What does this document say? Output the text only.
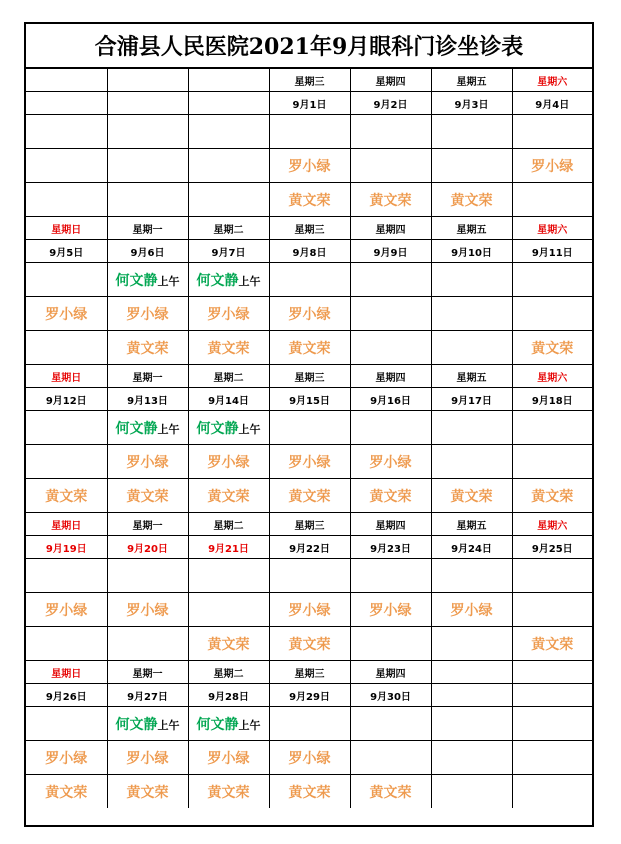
合浦县人民医院2021年9月眼科门诊坐诊表
			星期三	星期四	星期五	星期六
			9月1日	9月2日	9月3日	9月4日

			罗小绿			罗小绿
			黄文荣	黄文荣	黄文荣	
星期日	星期一	星期二	星期三	星期四	星期五	星期六
9月5日	9月6日	9月7日	9月8日	9月9日	9月10日	9月11日
	何文静上午	何文静上午				
罗小绿	罗小绿	罗小绿	罗小绿			
	黄文荣	黄文荣	黄文荣			黄文荣
星期日	星期一	星期二	星期三	星期四	星期五	星期六
9月12日	9月13日	9月14日	9月15日	9月16日	9月17日	9月18日
	何文静上午	何文静上午				
	罗小绿	罗小绿	罗小绿	罗小绿		
黄文荣	黄文荣	黄文荣	黄文荣	黄文荣	黄文荣	黄文荣
星期日	星期一	星期二	星期三	星期四	星期五	星期六
9月19日	9月20日	9月21日	9月22日	9月23日	9月24日	9月25日

罗小绿	罗小绿		罗小绿	罗小绿	罗小绿	
		黄文荣	黄文荣			黄文荣
星期日	星期一	星期二	星期三	星期四		
9月26日	9月27日	9月28日	9月29日	9月30日		
	何文静上午	何文静上午				
罗小绿	罗小绿	罗小绿	罗小绿			
黄文荣	黄文荣	黄文荣	黄文荣	黄文荣		
